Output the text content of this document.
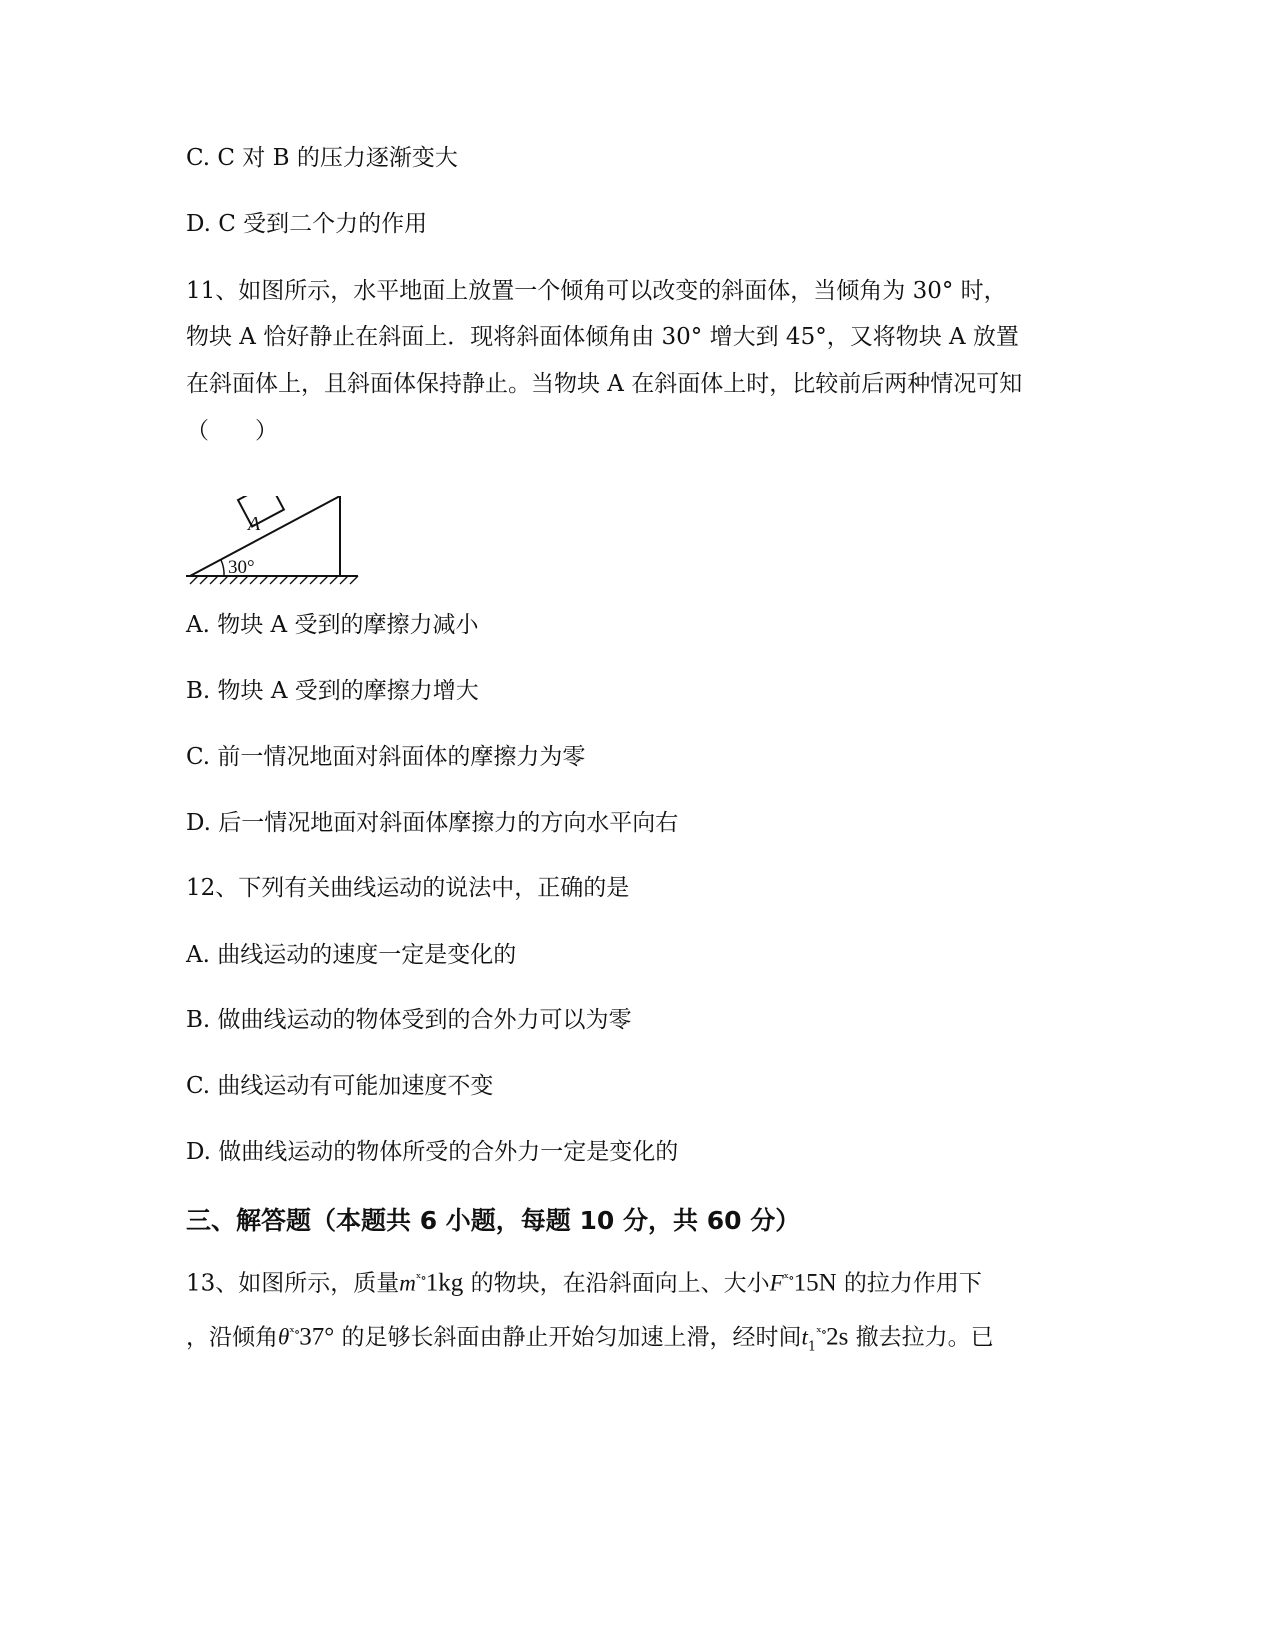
C. C 对 B 的压力逐渐变大
D. C 受到二个力的作用
11、如图所示，水平地面上放置一个倾角可以改变的斜面体，当倾角为 30° 时，
物块 A 恰好静止在斜面上．现将斜面体倾角由 30° 增大到 45°，又将物块 A 放置
在斜面体上，且斜面体保持静止。当物块 A 在斜面体上时，比较前后两种情况可知
（　　）
A
30°
A. 物块 A 受到的摩擦力减小
B. 物块 A 受到的摩擦力增大
C. 前一情况地面对斜面体的摩擦力为零
D. 后一情况地面对斜面体摩擦力的方向水平向右
12、下列有关曲线运动的说法中，正确的是
A. 曲线运动的速度一定是变化的
B. 做曲线运动的物体受到的合外力可以为零
C. 曲线运动有可能加速度不变
D. 做曲线运动的物体所受的合外力一定是变化的
三、解答题（本题共 6 小题，每题 10 分，共 60 分）
13、如图所示，质量$m^{ˣ\circ}1kg$ 的物块，在沿斜面向上、大小$F^{ˣ\circ}15N$ 的拉力作用下
，沿倾角$\theta^{ˣ\circ}37^\circ$ 的足够长斜面由静止开始匀加速上滑，经时间$t_1^{ˣ\circ}2s$ 撤去拉力。已
